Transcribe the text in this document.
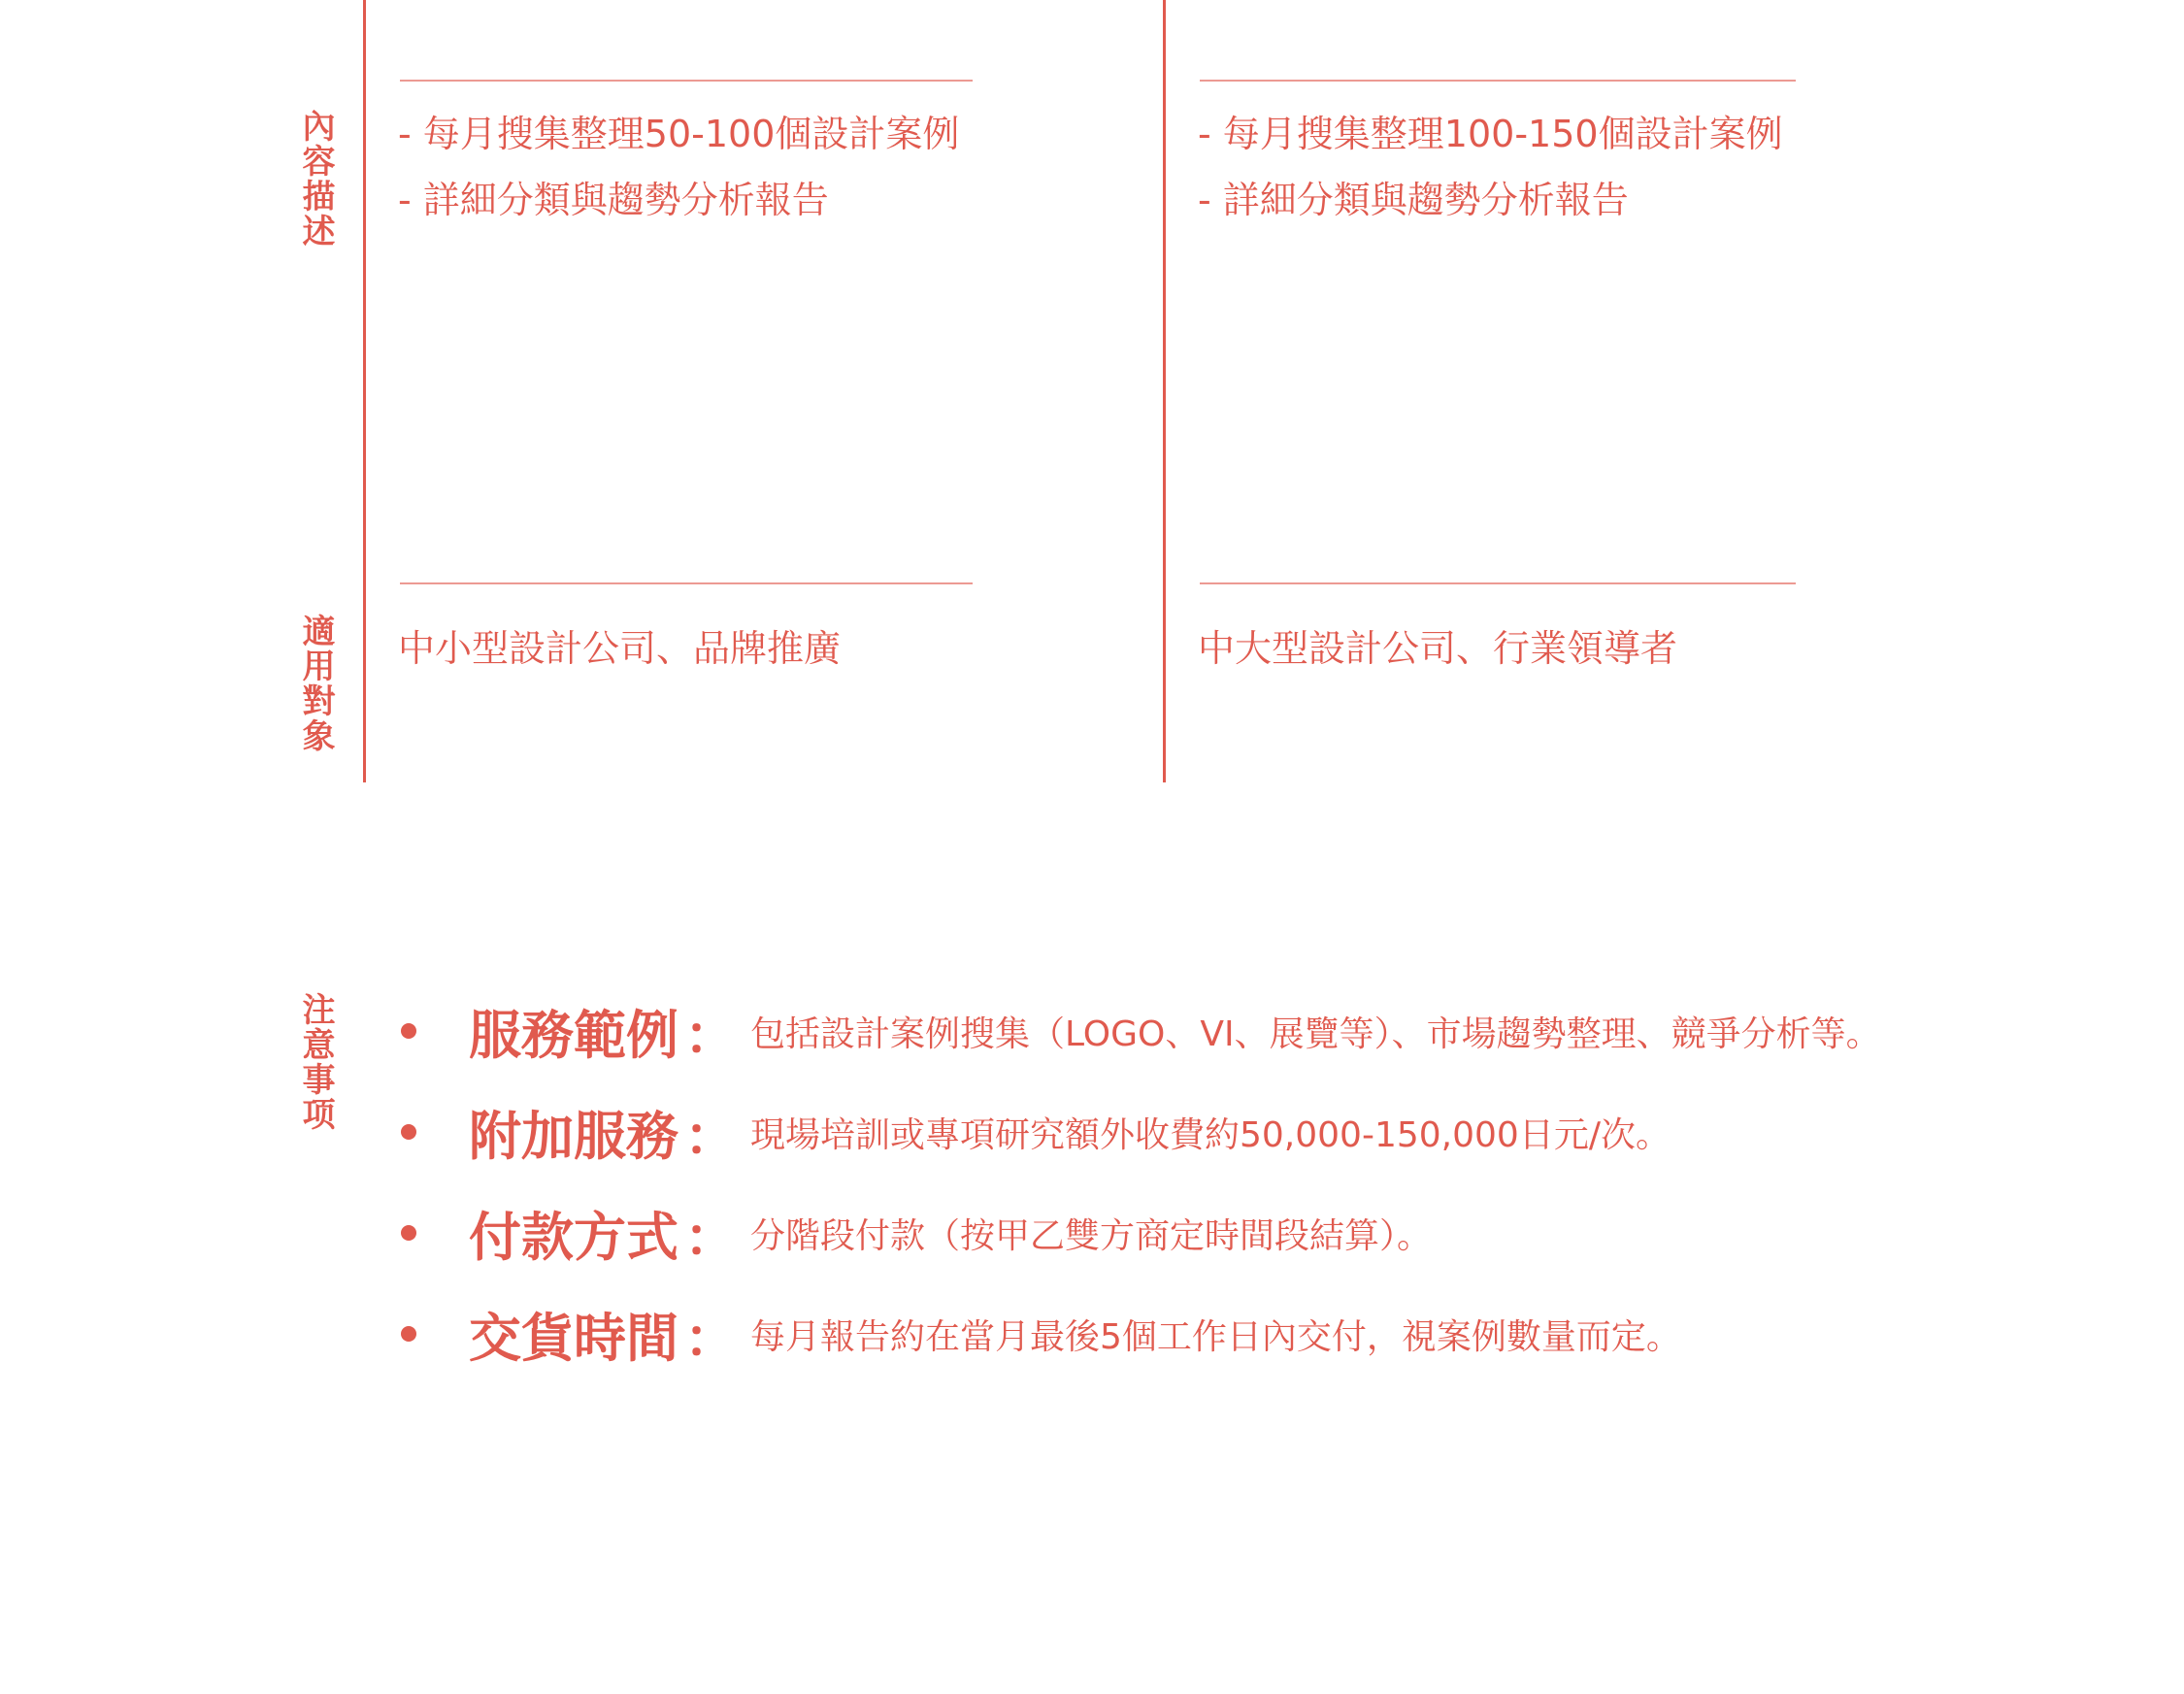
內容描述
適用對象
注意事项
- 每月搜集整理50-100個設計案例
- 詳細分類與趨勢分析報告
中小型設計公司、品牌推廣
- 每月搜集整理100-150個設計案例
- 詳細分類與趨勢分析報告
中大型設計公司、行業領導者
服務範例 ： 包括設計案例搜集（LOGO、VI、展覽等）、市場趨勢整理、競爭分析等。
附加服務 ： 現場培訓或專項研究額外收費約50,000-150,000日元/次。
付款方式 ： 分階段付款（按甲乙雙方商定時間段結算）。
交貨時間 ： 每月報告約在當月最後5個工作日內交付，視案例數量而定。
